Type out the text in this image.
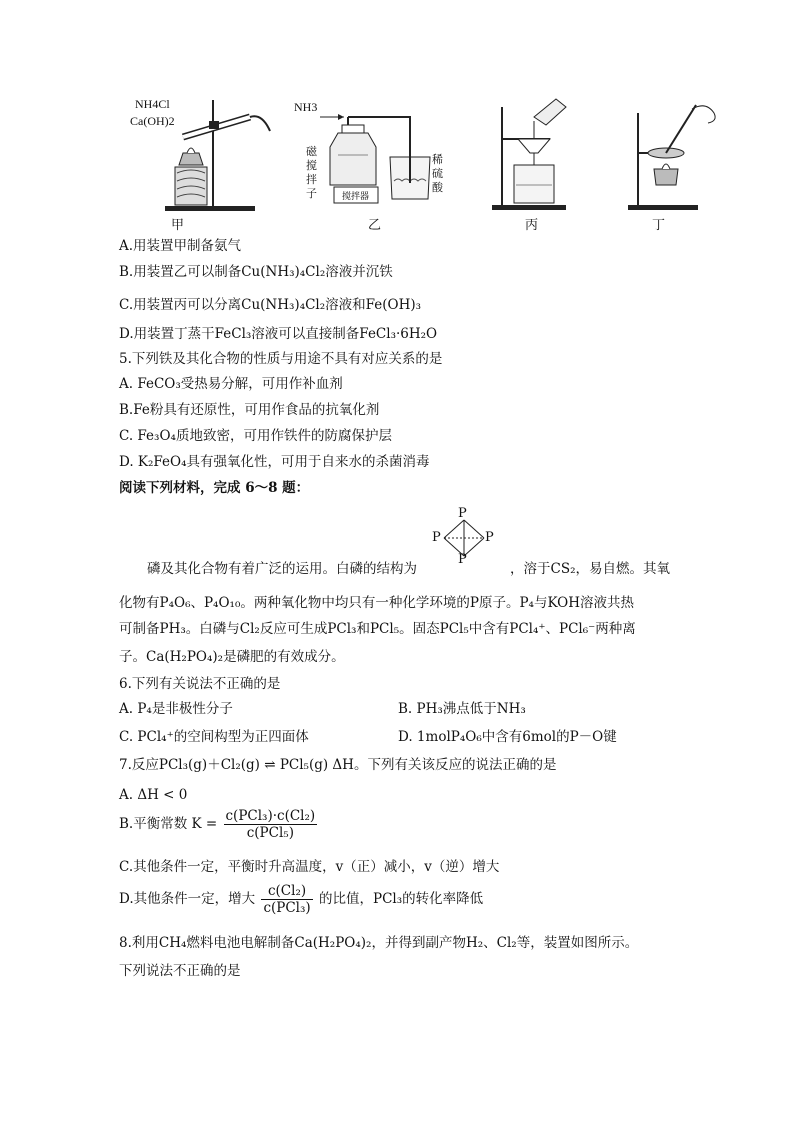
NH4Cl
Ca(OH)2
甲
搅拌器
NH3
磁
搅
拌
子
稀
硫
酸
乙	丙	丁
A.用装置甲制备氨气
B.用装置乙可以制备Cu(NH₃)₄Cl₂溶液并沉铁
C.用装置丙可以分离Cu(NH₃)₄Cl₂溶液和Fe(OH)₃
D.用装置丁蒸干FeCl₃溶液可以直接制备FeCl₃·6H₂O
5.下列铁及其化合物的性质与用途不具有对应关系的是
A. FeCO₃受热易分解，可用作补血剂
B.Fe粉具有还原性，可用作食品的抗氧化剂
C. Fe₃O₄质地致密，可用作铁件的防腐保护层
D. K₂FeO₄具有强氧化性，可用于自来水的杀菌消毒
阅读下列材料，完成 6～8 题：
P
P	P
P
磷及其化合物有着广泛的运用。白磷的结构为	，溶于CS₂，易自燃。其氧
化物有P₄O₆、P₄O₁₀。两种氧化物中均只有一种化学环境的P原子。P₄与KOH溶液共热
可制备PH₃。白磷与Cl₂反应可生成PCl₃和PCl₅。固态PCl₅中含有PCl₄⁺、PCl₆⁻两种离
子。Ca(H₂PO₄)₂是磷肥的有效成分。
6.下列有关说法不正确的是
A. P₄是非极性分子	B. PH₃沸点低于NH₃
C. PCl₄⁺的空间构型为正四面体	D. 1molP₄O₆中含有6mol的P－O键
7.反应PCl₃(g)＋Cl₂(g) ⇌ PCl₅(g) ΔH。下列有关该反应的说法正确的是
A. ΔH < 0
B.平衡常数 $K = \frac{\text{c(PCl₃)·c(Cl₂)}}{\text{c(PCl₅)}}$
C.其他条件一定，平衡时升高温度，v（正）减小，v（逆）增大
D.其他条件一定，增大 $\frac{\text{c(Cl₂)}}{\text{c(PCl₃)}}$ 的比值，PCl₃的转化率降低
8.利用CH₄燃料电池电解制备Ca(H₂PO₄)₂，并得到副产物H₂、Cl₂等，装置如图所示。
下列说法不正确的是
